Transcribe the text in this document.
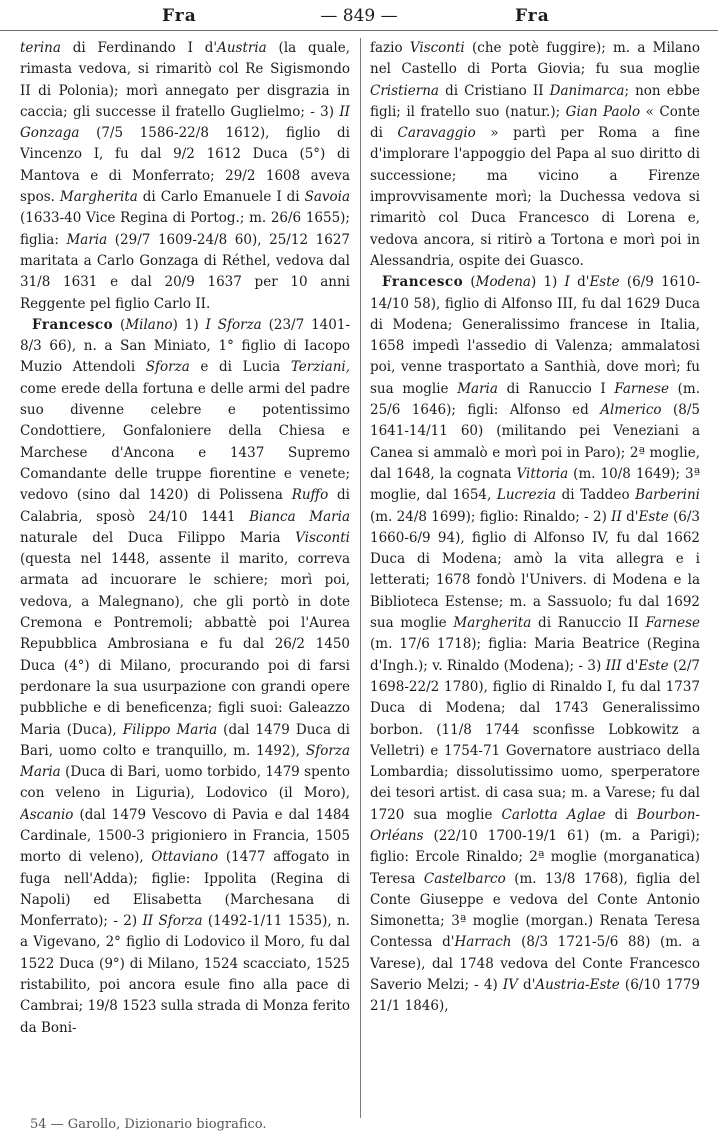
Fra	— 849 —	Fra

terina di Ferdinando I d'Austria (la quale, rimasta vedova, si rimaritò col Re Sigismondo II di Polonia); morì annegato per disgrazia in caccia; gli successe il fratello Guglielmo; - 3) II Gonzaga (7/5 1586-22/8 1612), figlio di Vincenzo I, fu dal 9/2 1612 Duca (5°) di Mantova e di Monferrato; 29/2 1608 aveva spos. Margherita di Carlo Emanuele I di Savoia (1633-40 Vice Regina di Portog.; m. 26/6 1655); figlia: Maria (29/7 1609-24/8 60), 25/12 1627 maritata a Carlo Gonzaga di Réthel, vedova dal 31/8 1631 e dal 20/9 1637 per 10 anni Reggente pel figlio Carlo II.

Francesco (Milano) 1) I Sforza (23/7 1401-8/3 66), n. a San Miniato, 1° figlio di Iacopo Muzio Attendoli Sforza e di Lucia Terziani, come erede della fortuna e delle armi del padre suo divenne celebre e potentissimo Condottiere, Gonfaloniere della Chiesa e Marchese d'Ancona e 1437 Supremo Comandante delle truppe fiorentine e venete; vedovo (sino dal 1420) di Polissena Ruffo di Calabria, sposò 24/10 1441 Bianca Maria naturale del Duca Filippo Maria Visconti (questa nel 1448, assente il marito, correva armata ad incuorare le schiere; morì poi, vedova, a Malegnano), che gli portò in dote Cremona e Pontremoli; abbattè poi l'Aurea Repubblica Ambrosiana e fu dal 26/2 1450 Duca (4°) di Milano, procurando poi di farsi perdonare la sua usurpazione con grandi opere pubbliche e di beneficenza; figli suoi: Galeazzo Maria (Duca), Filippo Maria (dal 1479 Duca di Bari, uomo colto e tranquillo, m. 1492), Sforza Maria (Duca di Bari, uomo torbido, 1479 spento con veleno in Liguria), Lodovico (il Moro), Ascanio (dal 1479 Vescovo di Pavia e dal 1484 Cardinale, 1500-3 prigioniero in Francia, 1505 morto di veleno), Ottaviano (1477 affogato in fuga nell'Adda); figlie: Ippolita (Regina di Napoli) ed Elisabetta (Marchesana di Monferrato); - 2) II Sforza (1492-1/11 1535), n. a Vigevano, 2° figlio di Lodovico il Moro, fu dal 1522 Duca (9°) di Milano, 1524 scacciato, 1525 ristabilito, poi ancora esule fino alla pace di Cambrai; 19/8 1523 sulla strada di Monza ferito da Boni-

fazio Visconti (che potè fuggire); m. a Milano nel Castello di Porta Giovia; fu sua moglie Cristierna di Cristiano II Danimarca; non ebbe figli; il fratello suo (natur.); Gian Paolo « Conte di Caravaggio » partì per Roma a fine d'implorare l'appoggio del Papa al suo diritto di successione; ma vicino a Firenze improvvisamente morì; la Duchessa vedova si rimaritò col Duca Francesco di Lorena e, vedova ancora, si ritirò a Tortona e morì poi in Alessandria, ospite dei Guasco.

Francesco (Modena) 1) I d'Este (6/9 1610-14/10 58), figlio di Alfonso III, fu dal 1629 Duca di Modena; Generalissimo francese in Italia, 1658 impedì l'assedio di Valenza; ammalatosi poi, venne trasportato a Santhià, dove morì; fu sua moglie Maria di Ranuccio I Farnese (m. 25/6 1646); figli: Alfonso ed Almerico (8/5 1641-14/11 60) (militando pei Veneziani a Canea si ammalò e morì poi in Paro); 2ª moglie, dal 1648, la cognata Vittoria (m. 10/8 1649); 3ª moglie, dal 1654, Lucrezia di Taddeo Barberini (m. 24/8 1699); figlio: Rinaldo; - 2) II d'Este (6/3 1660-6/9 94), figlio di Alfonso IV, fu dal 1662 Duca di Modena; amò la vita allegra e i letterati; 1678 fondò l'Univers. di Modena e la Biblioteca Estense; m. a Sassuolo; fu dal 1692 sua moglie Margherita di Ranuccio II Farnese (m. 17/6 1718); figlia: Maria Beatrice (Regina d'Ingh.); v. Rinaldo (Modena); - 3) III d'Este (2/7 1698-22/2 1780), figlio di Rinaldo I, fu dal 1737 Duca di Modena; dal 1743 Generalissimo borbon. (11/8 1744 sconfisse Lobkowitz a Velletri) e 1754-71 Governatore austriaco della Lombardia; dissolutissimo uomo, sperperatore dei tesori artist. di casa sua; m. a Varese; fu dal 1720 sua moglie Carlotta Aglae di Bourbon-Orléans (22/10 1700-19/1 61) (m. a Parigi); figlio: Ercole Rinaldo; 2ª moglie (morganatica) Teresa Castelbarco (m. 13/8 1768), figlia del Conte Giuseppe e vedova del Conte Antonio Simonetta; 3ª moglie (morgan.) Renata Teresa Contessa d'Harrach (8/3 1721-5/6 88) (m. a Varese), dal 1748 vedova del Conte Francesco Saverio Melzi; - 4) IV d'Austria-Este (6/10 1779 21/1 1846),

54 — Garollo, Dizionario biografico.
